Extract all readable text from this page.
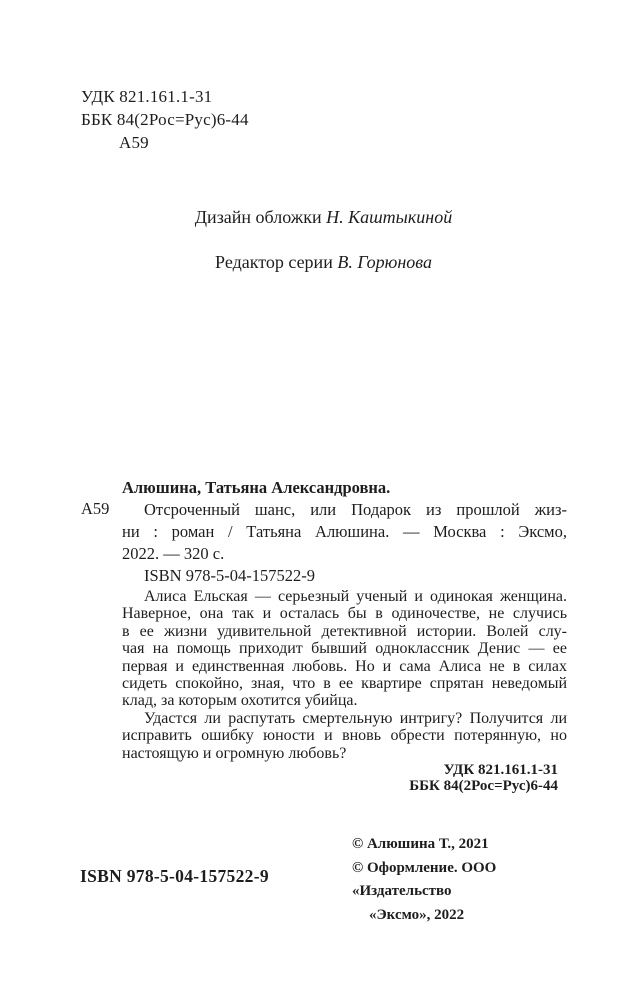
УДК 821.161.1-31
ББК 84(2Рос=Рус)6-44
А59
Дизайн обложки Н. Каштыкиной
Редактор серии В. Горюнова
А59
Алюшина, Татьяна Александровна.
Отсроченный шанс, или Подарок из прошлой жиз-
ни : роман / Татьяна Алюшина. — Москва : Эксмо,
2022. — 320 с.
ISBN 978-5-04-157522-9
Алиса Ельская — серьезный ученый и одинокая женщина.
Наверное, она так и осталась бы в одиночестве, не случись
в ее жизни удивительной детективной истории. Волей слу-
чая на помощь приходит бывший одноклассник Денис — ее
первая и единственная любовь. Но и сама Алиса не в силах
сидеть спокойно, зная, что в ее квартире спрятан неведомый
клад, за которым охотится убийца.
Удастся ли распутать смертельную интригу? Получится ли
исправить ошибку юности и вновь обрести потерянную, но
настоящую и огромную любовь?
УДК 821.161.1-31
ББК 84(2Рос=Рус)6-44
© Алюшина Т., 2021
© Оформление. ООО «Издательство
«Эксмо», 2022
ISBN 978-5-04-157522-9
